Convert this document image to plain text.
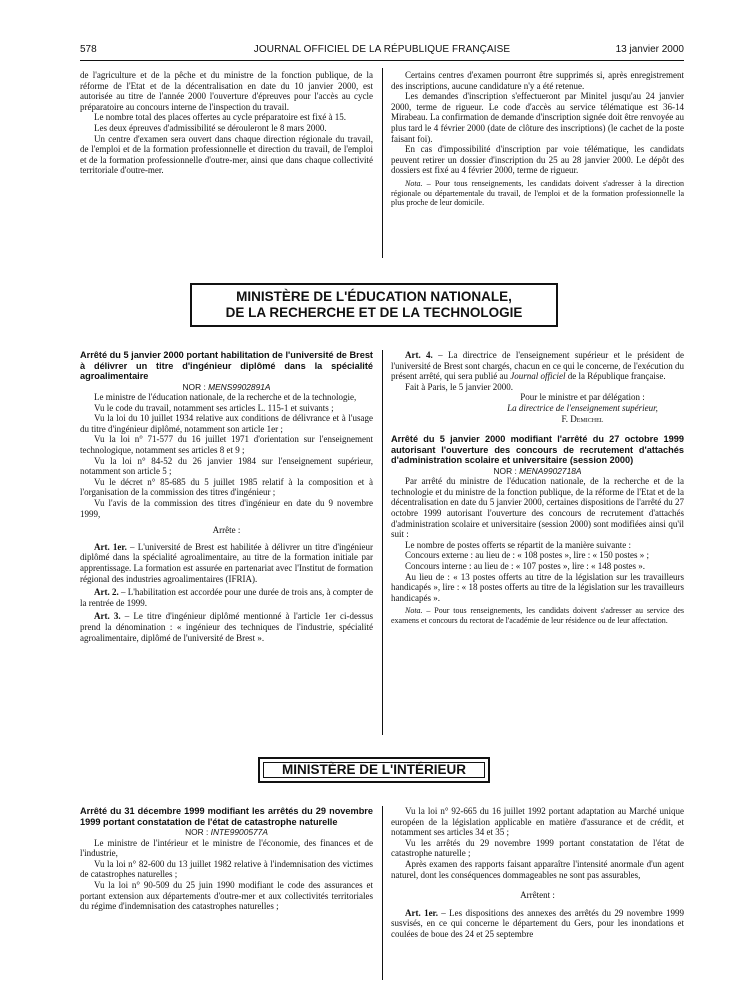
578	JOURNAL OFFICIEL DE LA RÉPUBLIQUE FRANÇAISE	13 janvier 2000

de l'agriculture et de la pêche et du ministre de la fonction publique, de la réforme de l'Etat et de la décentralisation en date du 10 janvier 2000, est autorisée au titre de l'année 2000 l'ouverture d'épreuves pour l'accès au cycle préparatoire au concours interne de l'inspection du travail.

Le nombre total des places offertes au cycle préparatoire est fixé à 15.

Les deux épreuves d'admissibilité se dérouleront le 8 mars 2000.

Un centre d'examen sera ouvert dans chaque direction régionale du travail, de l'emploi et de la formation professionnelle et direction du travail, de l'emploi et de la formation professionnelle d'outre-mer, ainsi que dans chaque collectivité territoriale d'outre-mer.

Certains centres d'examen pourront être supprimés si, après enregistrement des inscriptions, aucune candidature n'y a été retenue.

Les demandes d'inscription s'effectueront par Minitel jusqu'au 24 janvier 2000, terme de rigueur. Le code d'accès au service télématique est 36-14 Mirabeau. La confirmation de demande d'inscription signée doit être renvoyée au plus tard le 4 février 2000 (date de clôture des inscriptions) (le cachet de la poste faisant foi).

En cas d'impossibilité d'inscription par voie télématique, les candidats peuvent retirer un dossier d'inscription du 25 au 28 janvier 2000. Le dépôt des dossiers est fixé au 4 février 2000, terme de rigueur.

Nota. – Pour tous renseignements, les candidats doivent s'adresser à la direction régionale ou départementale du travail, de l'emploi et de la formation professionnelle la plus proche de leur domicile.

MINISTÈRE DE L'ÉDUCATION NATIONALE,
DE LA RECHERCHE ET DE LA TECHNOLOGIE

Arrêté du 5 janvier 2000 portant habilitation de l'université de Brest à délivrer un titre d'ingénieur diplômé dans la spécialité agroalimentaire

NOR : MENS9902891A

Le ministre de l'éducation nationale, de la recherche et de la technologie,

Vu le code du travail, notamment ses articles L. 115-1 et suivants ;

Vu la loi du 10 juillet 1934 relative aux conditions de délivrance et à l'usage du titre d'ingénieur diplômé, notamment son article 1er ;

Vu la loi n° 71-577 du 16 juillet 1971 d'orientation sur l'enseignement technologique, notamment ses articles 8 et 9 ;

Vu la loi n° 84-52 du 26 janvier 1984 sur l'enseignement supérieur, notamment son article 5 ;

Vu le décret n° 85-685 du 5 juillet 1985 relatif à la composition et à l'organisation de la commission des titres d'ingénieur ;

Vu l'avis de la commission des titres d'ingénieur en date du 9 novembre 1999,

Arrête :

Art. 1er. – L'université de Brest est habilitée à délivrer un titre d'ingénieur diplômé dans la spécialité agroalimentaire, au titre de la formation initiale par apprentissage. La formation est assurée en partenariat avec l'Institut de formation régional des industries agroalimentaires (IFRIA).

Art. 2. – L'habilitation est accordée pour une durée de trois ans, à compter de la rentrée de 1999.

Art. 3. – Le titre d'ingénieur diplômé mentionné à l'article 1er ci-dessus prend la dénomination : « ingénieur des techniques de l'industrie, spécialité agroalimentaire, diplômé de l'université de Brest ».

Art. 4. – La directrice de l'enseignement supérieur et le président de l'université de Brest sont chargés, chacun en ce qui le concerne, de l'exécution du présent arrêté, qui sera publié au Journal officiel de la République française.

Fait à Paris, le 5 janvier 2000.

Pour le ministre et par délégation :

La directrice de l'enseignement supérieur,

F. Demichel

Arrêté du 5 janvier 2000 modifiant l'arrêté du 27 octobre 1999 autorisant l'ouverture des concours de recrutement d'attachés d'administration scolaire et universitaire (session 2000)

NOR : MENA9902718A

Par arrêté du ministre de l'éducation nationale, de la recherche et de la technologie et du ministre de la fonction publique, de la réforme de l'Etat et de la décentralisation en date du 5 janvier 2000, certaines dispositions de l'arrêté du 27 octobre 1999 autorisant l'ouverture des concours de recrutement d'attachés d'administration scolaire et universitaire (session 2000) sont modifiées ainsi qu'il suit :

Le nombre de postes offerts se répartit de la manière suivante :

Concours externe : au lieu de : « 108 postes », lire : « 150 postes » ;

Concours interne : au lieu de : « 107 postes », lire : « 148 postes ».

Au lieu de : « 13 postes offerts au titre de la législation sur les travailleurs handicapés », lire : « 18 postes offerts au titre de la législation sur les travailleurs handicapés ».

Nota. – Pour tous renseignements, les candidats doivent s'adresser au service des examens et concours du rectorat de l'académie de leur résidence ou de leur affectation.

MINISTÈRE DE L'INTÉRIEUR

Arrêté du 31 décembre 1999 modifiant les arrêtés du 29 novembre 1999 portant constatation de l'état de catastrophe naturelle

NOR : INTE9900577A

Le ministre de l'intérieur et le ministre de l'économie, des finances et de l'industrie,

Vu la loi n° 82-600 du 13 juillet 1982 relative à l'indemnisation des victimes de catastrophes naturelles ;

Vu la loi n° 90-509 du 25 juin 1990 modifiant le code des assurances et portant extension aux départements d'outre-mer et aux collectivités territoriales du régime d'indemnisation des catastrophes naturelles ;

Vu la loi n° 92-665 du 16 juillet 1992 portant adaptation au Marché unique européen de la législation applicable en matière d'assurance et de crédit, et notamment ses articles 34 et 35 ;

Vu les arrêtés du 29 novembre 1999 portant constatation de l'état de catastrophe naturelle ;

Après examen des rapports faisant apparaître l'intensité anormale d'un agent naturel, dont les conséquences dommageables ne sont pas assurables,

Arrêtent :

Art. 1er. – Les dispositions des annexes des arrêtés du 29 novembre 1999 susvisés, en ce qui concerne le département du Gers, pour les inondations et coulées de boue des 24 et 25 septembre
